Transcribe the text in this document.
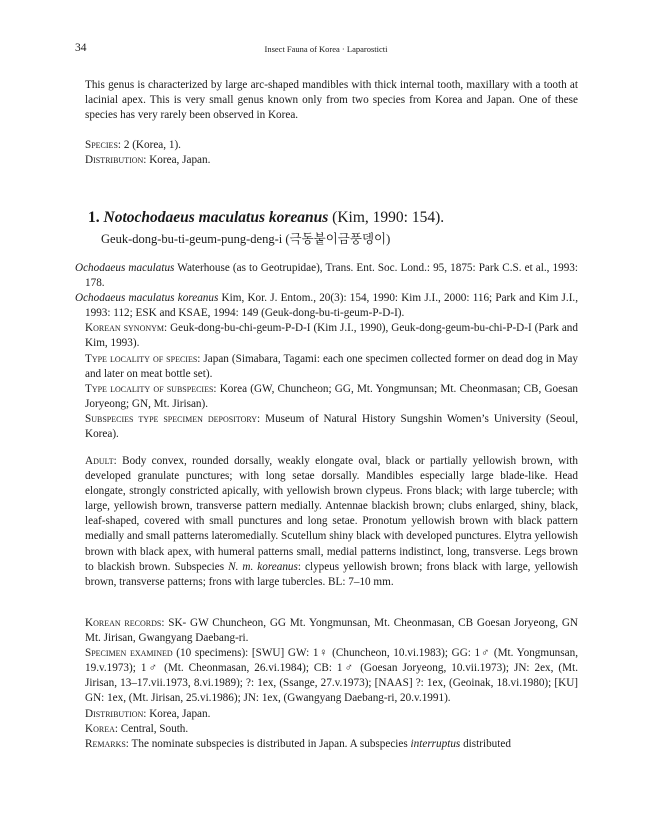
34	Insect Fauna of Korea · Laparosticti

This genus is characterized by large arc-shaped mandibles with thick internal tooth, maxillary with a tooth at lacinial apex. This is very small genus known only from two species from Korea and Japan. One of these species has very rarely been observed in Korea.

Species: 2 (Korea, 1).

Distribution: Korea, Japan.

1. Notochodaeus maculatus koreanus (Kim, 1990: 154).
Geuk-dong-bu-ti-geum-pung-deng-i (극동붙이금풍뎅이)

Ochodaeus maculatus Waterhouse (as to Geotrupidae), Trans. Ent. Soc. Lond.: 95, 1875: Park C.S. et al., 1993: 178.

Ochodaeus maculatus koreanus Kim, Kor. J. Entom., 20(3): 154, 1990: Kim J.I., 2000: 116; Park and Kim J.I., 1993: 112; ESK and KSAE, 1994: 149 (Geuk-dong-bu-ti-geum-P-D-I).

Korean synonym: Geuk-dong-bu-chi-geum-P-D-I (Kim J.I., 1990), Geuk-dong-geum-bu-chi-P-D-I (Park and Kim, 1993).

Type locality of species: Japan (Simabara, Tagami: each one specimen collected former on dead dog in May and later on meat bottle set).

Type locality of subspecies: Korea (GW, Chuncheon; GG, Mt. Yongmunsan; Mt. Cheonmasan; CB, Goesan Joryeong; GN, Mt. Jirisan).

Subspecies type specimen depository: Museum of Natural History Sungshin Women’s University (Seoul, Korea).

Adult: Body convex, rounded dorsally, weakly elongate oval, black or partially yellowish brown, with developed granulate punctures; with long setae dorsally. Mandibles especially large blade-like. Head elongate, strongly constricted apically, with yellowish brown clypeus. Frons black; with large tubercle; with large, yellowish brown, transverse pattern medially. Antennae blackish brown; clubs enlarged, shiny, black, leaf-shaped, covered with small punctures and long setae. Pronotum yellowish brown with black pattern medially and small patterns lateromedially. Scutellum shiny black with developed punctures. Elytra yellowish brown with black apex, with humeral patterns small, medial patterns indistinct, long, transverse. Legs brown to blackish brown. Subspecies N. m. koreanus: clypeus yellowish brown; frons black with large, yellowish brown, transverse patterns; frons with large tubercles. BL: 7–10 mm.

Korean records: SK- GW Chuncheon, GG Mt. Yongmunsan, Mt. Cheonmasan, CB Goesan Joryeong, GN Mt. Jirisan, Gwangyang Daebang-ri.

Specimen examined (10 specimens): [SWU] GW: 1♀ (Chuncheon, 10.vi.1983); GG: 1♂ (Mt. Yongmunsan, 19.v.1973); 1♂ (Mt. Cheonmasan, 26.vi.1984); CB: 1♂ (Goesan Joryeong, 10.vii.1973); JN: 2ex, (Mt. Jirisan, 13–17.vii.1973, 8.vi.1989); ?: 1ex, (Ssange, 27.v.1973); [NAAS] ?: 1ex, (Geoinak, 18.vi.1980); [KU] GN: 1ex, (Mt. Jirisan, 25.vi.1986); JN: 1ex, (Gwangyang Daebang-ri, 20.v.1991).

Distribution: Korea, Japan.

Korea: Central, South.

Remarks: The nominate subspecies is distributed in Japan. A subspecies interruptus distributed
